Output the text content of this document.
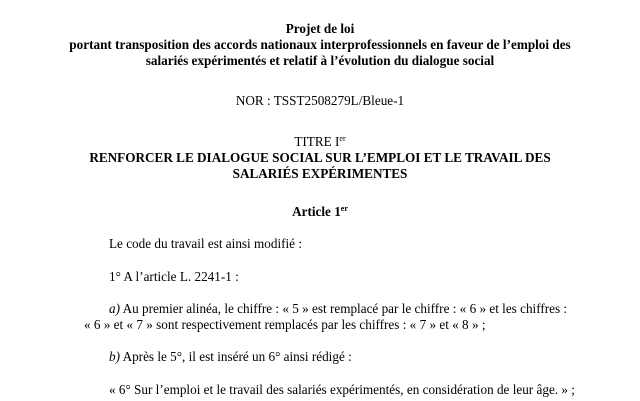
Projet de loi
portant transposition des accords nationaux interprofessionnels en faveur de l’emploi des
salariés expérimentés et relatif à l’évolution du dialogue social
NOR : TSST2508279L/Bleue-1
TITRE Ier
RENFORCER LE DIALOGUE SOCIAL SUR L’EMPLOI ET LE TRAVAIL DES
SALARIÉS EXPÉRIMENTES
Article 1er
Le code du travail est ainsi modifié :
1° A l’article L. 2241-1 :
a) Au premier alinéa, le chiffre : « 5 » est remplacé par le chiffre : « 6 » et les chiffres :
« 6 » et « 7 » sont respectivement remplacés par les chiffres : « 7 » et « 8 » ;
b) Après le 5°, il est inséré un 6° ainsi rédigé :
« 6° Sur l’emploi et le travail des salariés expérimentés, en considération de leur âge. » ;
